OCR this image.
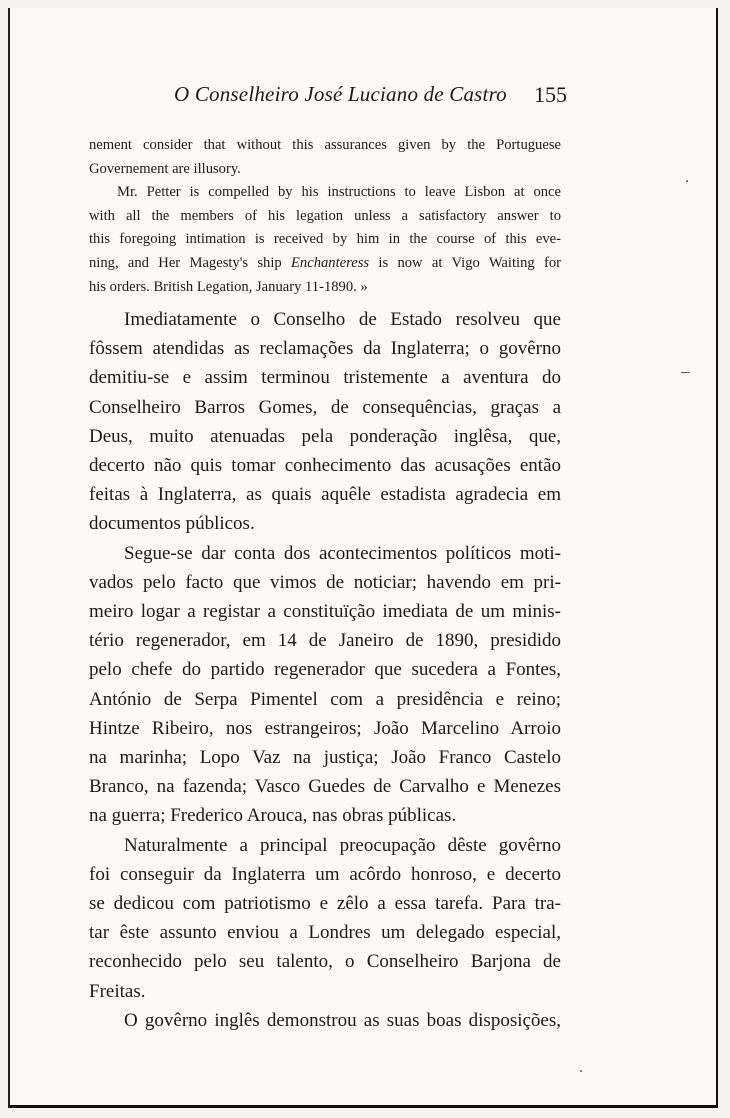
O Conselheiro José Luciano de Castro 155

nement consider that without this assurances given by the Portuguese
Governement are illusory.

Mr. Petter is compelled by his instructions to leave Lisbon at once
with all the members of his legation unless a satisfactory answer to
this foregoing intimation is received by him in the course of this eve-
ning, and Her Magesty's ship Enchanteress is now at Vigo Waiting for
his orders. British Legation, January 11-1890. »

Imediatamente o Conselho de Estado resolveu que
fôssem atendidas as reclamações da Inglaterra; o govêrno
demitiu-se e assim terminou tristemente a aventura do
Conselheiro Barros Gomes, de consequências, graças a
Deus, muito atenuadas pela ponderação inglêsa, que,
decerto não quis tomar conhecimento das acusações então
feitas à Inglaterra, as quais aquêle estadista agradecia em
documentos públicos.
Segue-se dar conta dos acontecimentos políticos moti-
vados pelo facto que vimos de noticiar; havendo em pri-
meiro logar a registar a constituïção imediata de um minis-
tério regenerador, em 14 de Janeiro de 1890, presidido
pelo chefe do partido regenerador que sucedera a Fontes,
António de Serpa Pimentel com a presidência e reino;
Hintze Ribeiro, nos estrangeiros; João Marcelino Arroio
na marinha; Lopo Vaz na justiça; João Franco Castelo
Branco, na fazenda; Vasco Guedes de Carvalho e Menezes
na guerra; Frederico Arouca, nas obras públicas.
Naturalmente a principal preocupação dêste govêrno
foi conseguir da Inglaterra um acôrdo honroso, e decerto
se dedicou com patriotismo e zêlo a essa tarefa. Para tra-
tar êste assunto enviou a Londres um delegado especial,
reconhecido pelo seu talento, o Conselheiro Barjona de
Freitas.
O govêrno inglês demonstrou as suas boas disposições,
